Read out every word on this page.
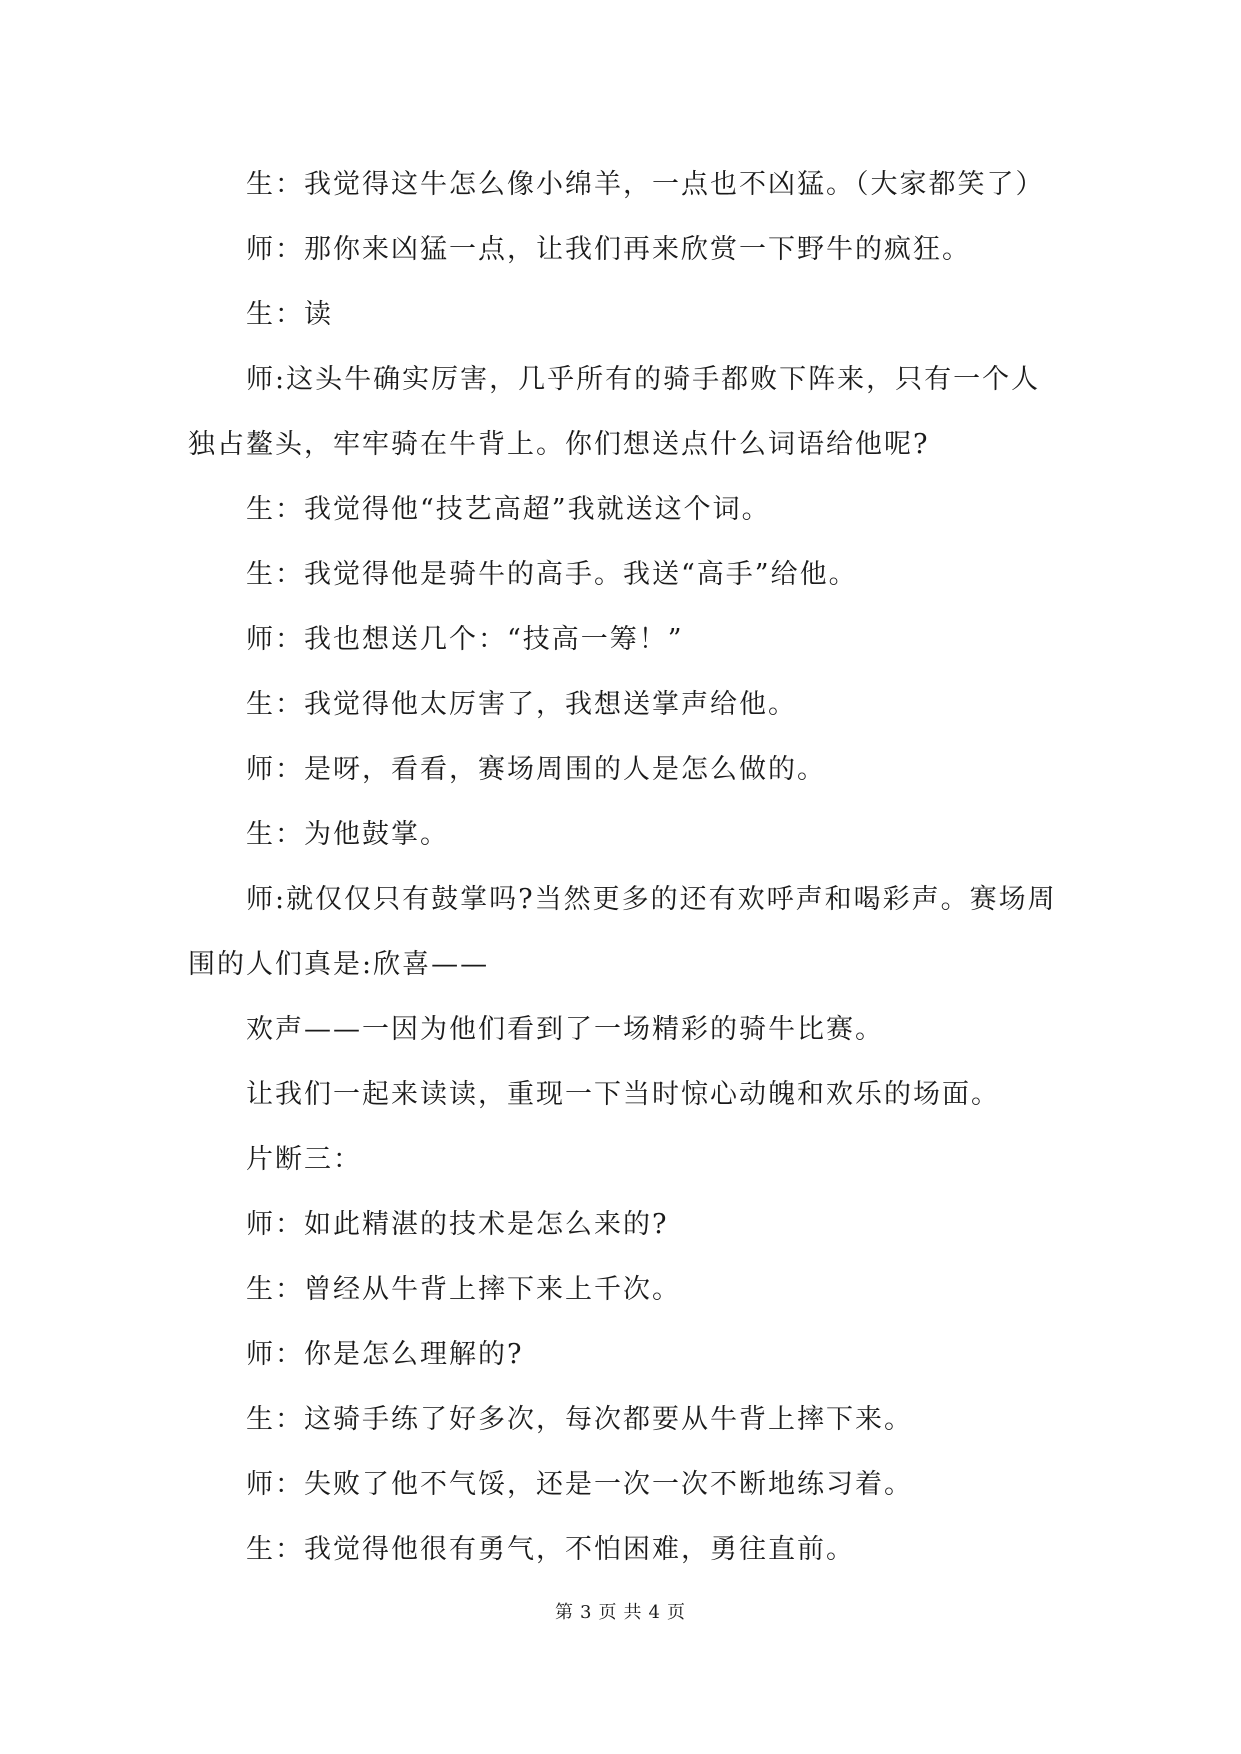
生：我觉得这牛怎么像小绵羊，一点也不凶猛。（大家都笑了）

师：那你来凶猛一点，让我们再来欣赏一下野牛的疯狂。

生：读

师:这头牛确实厉害，几乎所有的骑手都败下阵来，只有一个人独占鳌头，牢牢骑在牛背上。你们想送点什么词语给他呢?

生：我觉得他“技艺高超”我就送这个词。

生：我觉得他是骑牛的高手。我送“高手”给他。

师：我也想送几个：“技高一筹！”

生：我觉得他太厉害了，我想送掌声给他。

师：是呀，看看，赛场周围的人是怎么做的。

生：为他鼓掌。

师:就仅仅只有鼓掌吗?当然更多的还有欢呼声和喝彩声。赛场周围的人们真是:欣喜——

欢声——一因为他们看到了一场精彩的骑牛比赛。

让我们一起来读读，重现一下当时惊心动魄和欢乐的场面。

片断三：

师：如此精湛的技术是怎么来的?

生：曾经从牛背上摔下来上千次。

师：你是怎么理解的?

生：这骑手练了好多次，每次都要从牛背上摔下来。

师：失败了他不气馁，还是一次一次不断地练习着。

生：我觉得他很有勇气，不怕困难，勇往直前。

第 3 页 共 4 页
